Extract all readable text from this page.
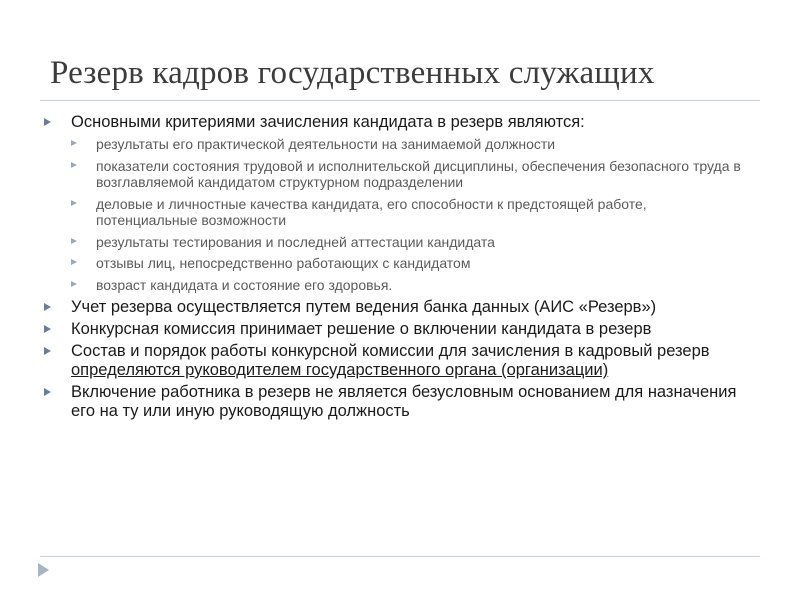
Резерв кадров государственных служащих
Основными критериями зачисления кандидата в резерв являются:
результаты его практической деятельности на занимаемой должности
показатели состояния трудовой и исполнительской дисциплины, обеспечения безопасного труда в возглавляемой кандидатом структурном подразделении
деловые и личностные качества кандидата, его способности к предстоящей работе, потенциальные возможности
результаты тестирования и последней аттестации кандидата
отзывы лиц, непосредственно работающих с кандидатом
возраст кандидата и состояние его здоровья.
Учет резерва осуществляется путем ведения банка данных (АИС «Резерв»)
Конкурсная комиссия принимает решение о включении кандидата в резерв
Состав и порядок работы конкурсной комиссии для зачисления в кадровый резерв определяются руководителем государственного органа (организации)
Включение работника в резерв не является безусловным основанием для назначения его на ту или иную руководящую должность
